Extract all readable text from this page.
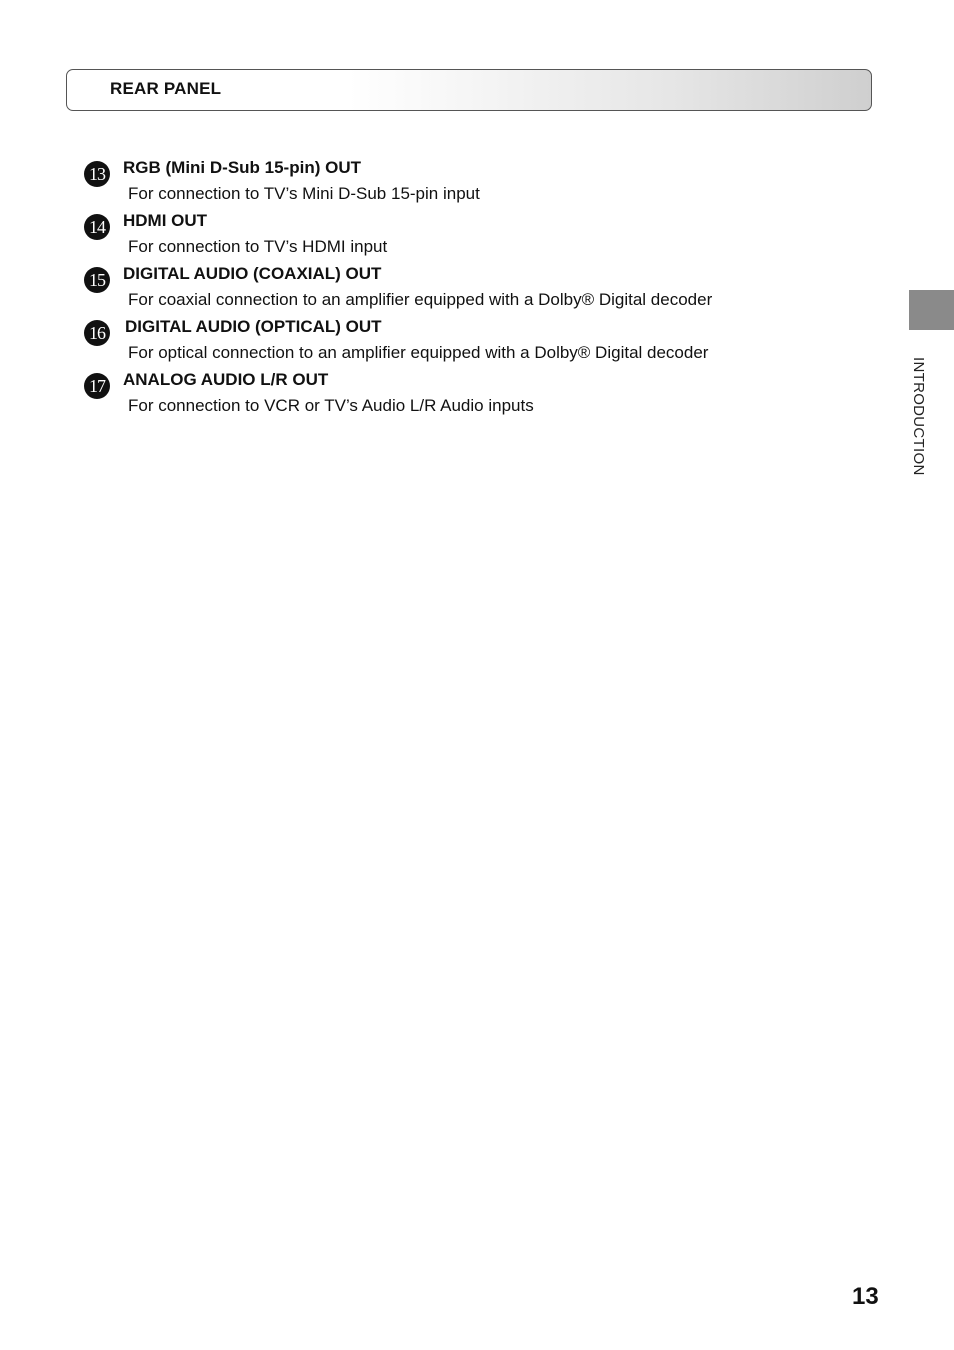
REAR PANEL
13 RGB (Mini D-Sub 15-pin) OUT
For connection to TV’s Mini D-Sub 15-pin input
14 HDMI OUT
For connection to TV’s HDMI input
15 DIGITAL AUDIO (COAXIAL) OUT
For coaxial connection to an amplifier equipped with a Dolby® Digital decoder
16 DIGITAL AUDIO (OPTICAL) OUT
For optical connection to an amplifier equipped with a Dolby® Digital decoder
17 ANALOG AUDIO L/R OUT
For connection to VCR or TV’s Audio L/R Audio inputs	INTRODUCTION
13
